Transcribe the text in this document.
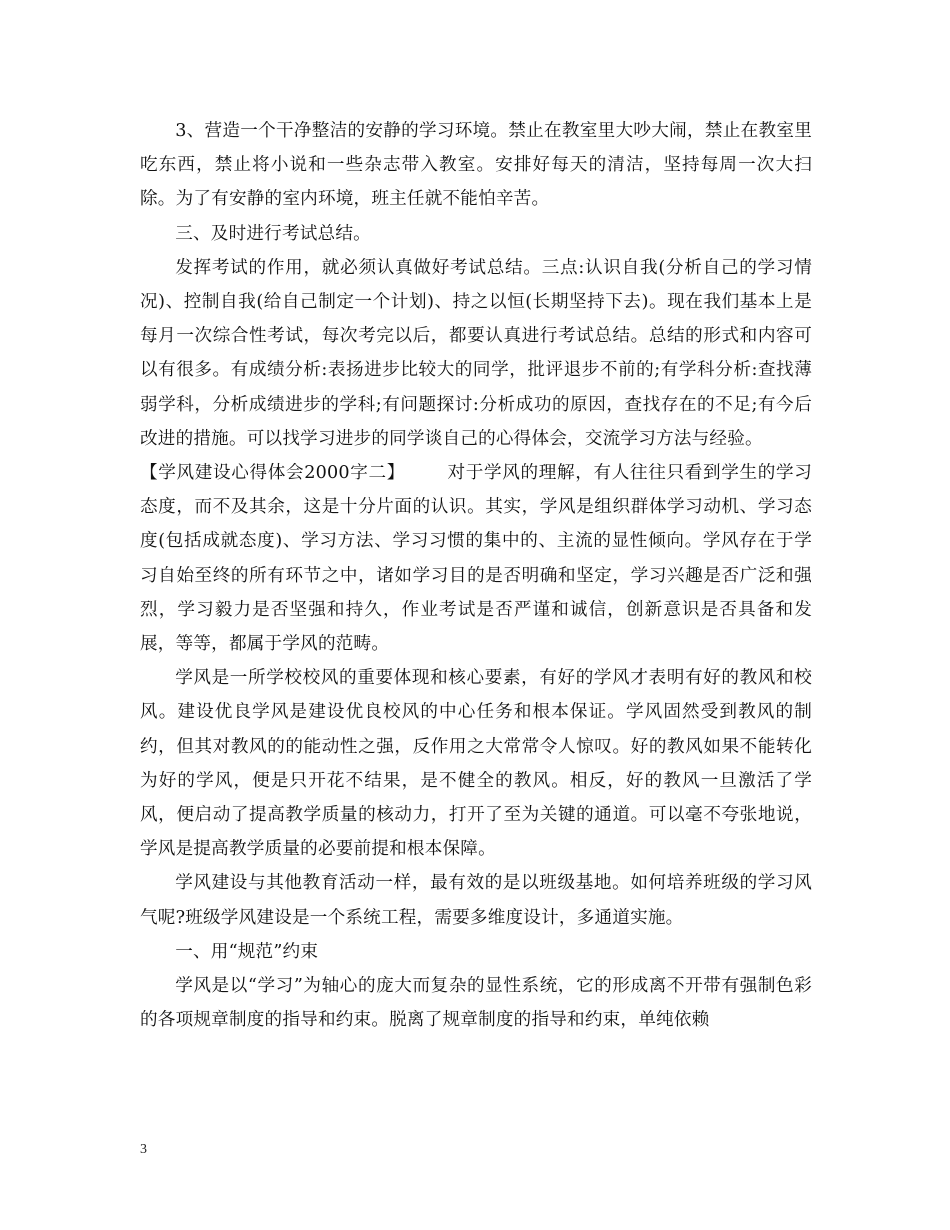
3、营造一个干净整洁的安静的学习环境。禁止在教室里大吵大闹，禁止在教室里吃东西，禁止将小说和一些杂志带入教室。安排好每天的清洁，坚持每周一次大扫除。为了有安静的室内环境，班主任就不能怕辛苦。

三、及时进行考试总结。

发挥考试的作用，就必须认真做好考试总结。三点:认识自我(分析自己的学习情况)、控制自我(给自己制定一个计划)、持之以恒(长期坚持下去)。现在我们基本上是每月一次综合性考试，每次考完以后，都要认真进行考试总结。总结的形式和内容可以有很多。有成绩分析:表扬进步比较大的同学，批评退步不前的;有学科分析:查找薄弱学科，分析成绩进步的学科;有问题探讨:分析成功的原因，查找存在的不足;有今后改进的措施。可以找学习进步的同学谈自己的心得体会，交流学习方法与经验。

【学风建设心得体会2000字二】 对于学风的理解，有人往往只看到学生的学习态度，而不及其余，这是十分片面的认识。其实，学风是组织群体学习动机、学习态度(包括成就态度)、学习方法、学习习惯的集中的、主流的显性倾向。学风存在于学习自始至终的所有环节之中，诸如学习目的是否明确和坚定，学习兴趣是否广泛和强烈，学习毅力是否坚强和持久，作业考试是否严谨和诚信，创新意识是否具备和发展，等等，都属于学风的范畴。

学风是一所学校校风的重要体现和核心要素，有好的学风才表明有好的教风和校风。建设优良学风是建设优良校风的中心任务和根本保证。学风固然受到教风的制约，但其对教风的的能动性之强，反作用之大常常令人惊叹。好的教风如果不能转化为好的学风，便是只开花不结果，是不健全的教风。相反，好的教风一旦激活了学风，便启动了提高教学质量的核动力，打开了至为关键的通道。可以毫不夸张地说，学风是提高教学质量的必要前提和根本保障。

学风建设与其他教育活动一样，最有效的是以班级基地。如何培养班级的学习风气呢?班级学风建设是一个系统工程，需要多维度设计，多通道实施。

一、用“规范”约束

学风是以“学习”为轴心的庞大而复杂的显性系统，它的形成离不开带有强制色彩的各项规章制度的指导和约束。脱离了规章制度的指导和约束，单纯依赖

3
